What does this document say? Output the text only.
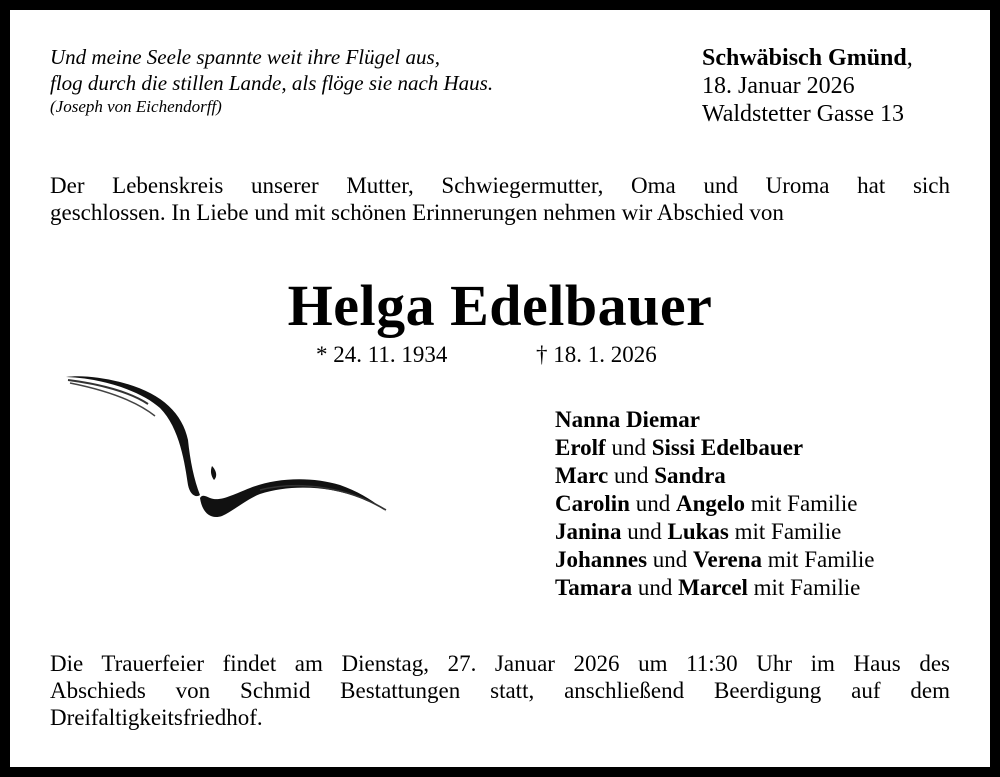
Und meine Seele spannte weit ihre Flügel aus,
flog durch die stillen Lande, als flöge sie nach Haus.
(Joseph von Eichendorff)
Schwäbisch Gmünd,
18. Januar 2026
Waldstetter Gasse 13
Der Lebenskreis unserer Mutter, Schwiegermutter, Oma und Uroma hat sich
geschlossen. In Liebe und mit schönen Erinnerungen nehmen wir Abschied von
Helga Edelbauer
* 24. 11. 1934	† 18. 1. 2026
Nanna Diemar
Erolf und Sissi Edelbauer
Marc und Sandra
Carolin und Angelo mit Familie
Janina und Lukas mit Familie
Johannes und Verena mit Familie
Tamara und Marcel mit Familie
Die Trauerfeier findet am Dienstag, 27. Januar 2026 um 11:30 Uhr im Haus des
Abschieds von Schmid Bestattungen statt, anschließend Beerdigung auf dem
Dreifaltigkeitsfriedhof.
